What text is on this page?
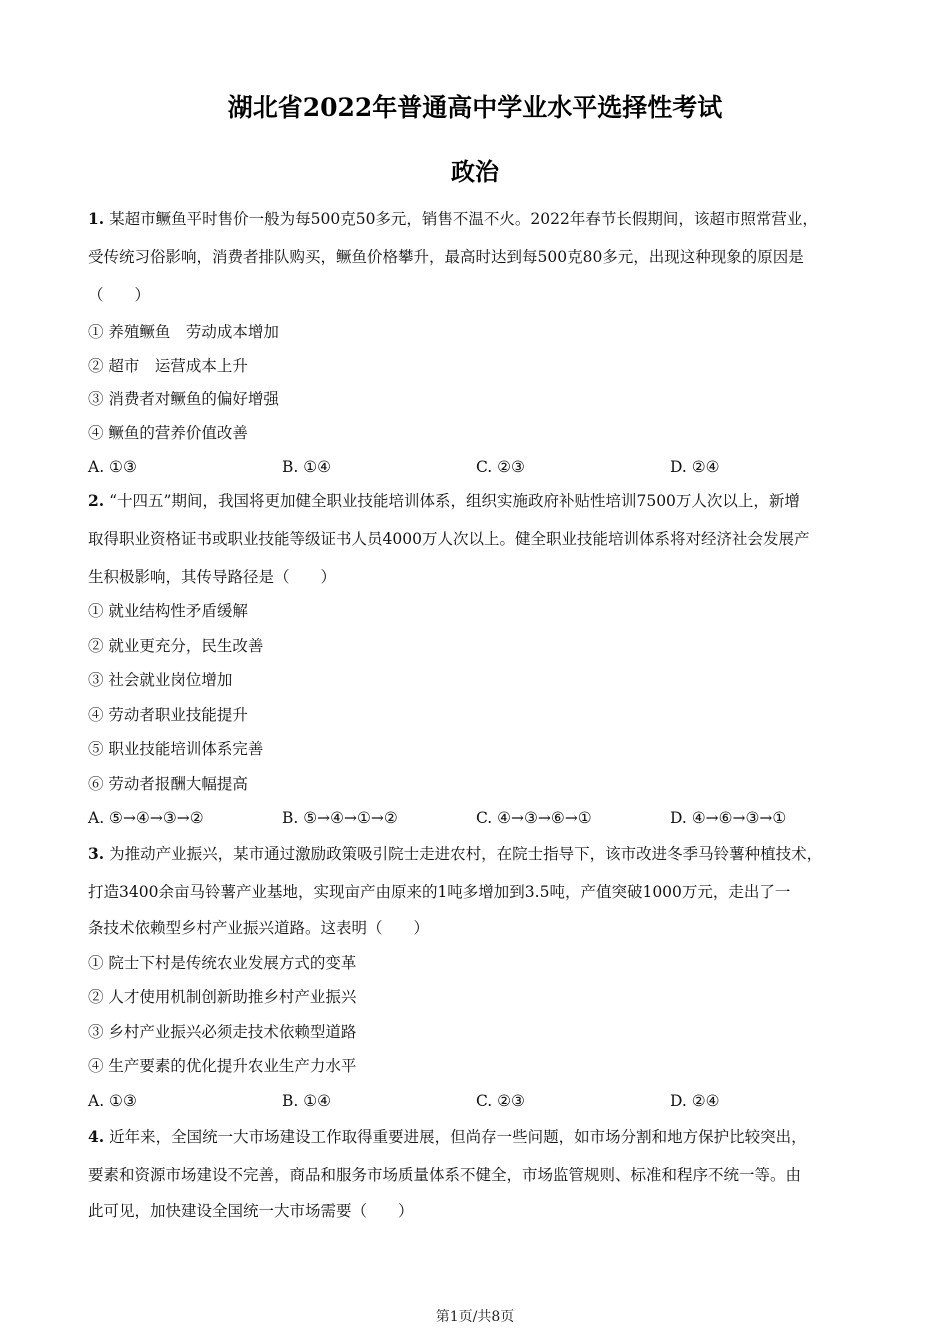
湖北省2022年普通高中学业水平选择性考试
政治
1. 某超市鳜鱼平时售价一般为每500克50多元，销售不温不火。2022年春节长假期间，该超市照常营业，
受传统习俗影响，消费者排队购买，鳜鱼价格攀升，最高时达到每500克80多元，出现这种现象的原因是
（　　）
① 养殖鳜鱼　劳动成本增加
② 超市　运营成本上升
③ 消费者对鳜鱼的偏好增强
④ 鳜鱼的营养价值改善
A. ①③	B. ①④	C. ②③	D. ②④
2. “十四五”期间，我国将更加健全职业技能培训体系，组织实施政府补贴性培训7500万人次以上，新增
取得职业资格证书或职业技能等级证书人员4000万人次以上。健全职业技能培训体系将对经济社会发展产
生积极影响，其传导路径是（　　）
① 就业结构性矛盾缓解
② 就业更充分，民生改善
③ 社会就业岗位增加
④ 劳动者职业技能提升
⑤ 职业技能培训体系完善
⑥ 劳动者报酬大幅提高
A. ⑤→④→③→②	B. ⑤→④→①→②	C. ④→③→⑥→①	D. ④→⑥→③→①
3. 为推动产业振兴，某市通过激励政策吸引院士走进农村，在院士指导下，该市改进冬季马铃薯种植技术，
打造3400余亩马铃薯产业基地，实现亩产由原来的1吨多增加到3.5吨，产值突破1000万元，走出了一
条技术依赖型乡村产业振兴道路。这表明（　　）
① 院士下村是传统农业发展方式的变革
② 人才使用机制创新助推乡村产业振兴
③ 乡村产业振兴必须走技术依赖型道路
④ 生产要素的优化提升农业生产力水平
A. ①③	B. ①④	C. ②③	D. ②④
4. 近年来，全国统一大市场建设工作取得重要进展，但尚存一些问题，如市场分割和地方保护比较突出，
要素和资源市场建设不完善，商品和服务市场质量体系不健全，市场监管规则、标准和程序不统一等。由
此可见，加快建设全国统一大市场需要（　　）
第1页/共8页
